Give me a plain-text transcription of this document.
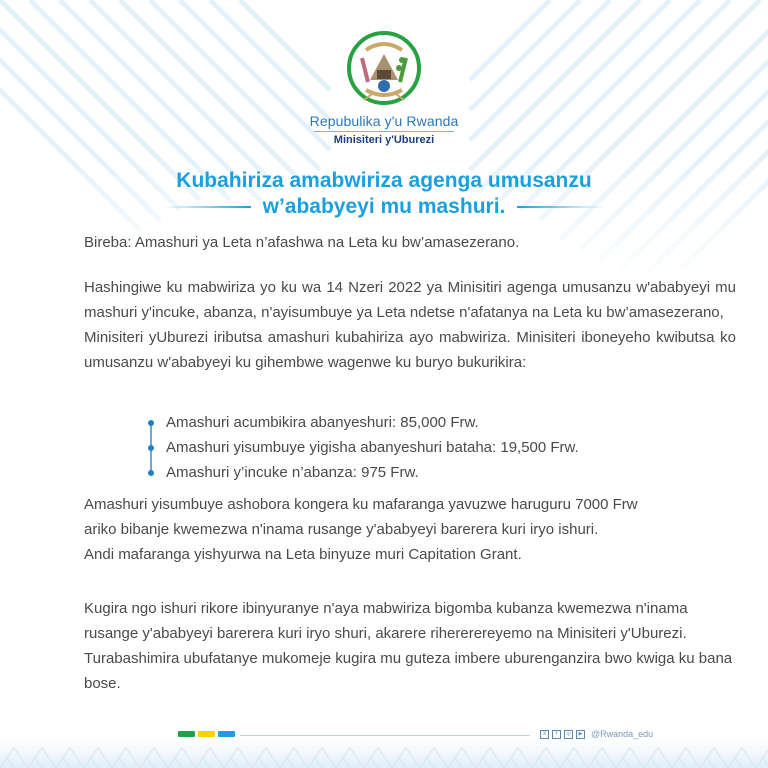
Repubulika y'u Rwanda
Minisiteri y'Uburezi
Kubahiriza amabwiriza agenga umusanzu
w’ababyeyi mu mashuri.
Bireba: Amashuri ya Leta n’afashwa na Leta ku bw’amasezerano.
Hashingiwe ku mabwiriza yo ku wa 14 Nzeri 2022 ya Minisitiri agenga umusanzu w'ababyeyi mu mashuri y'incuke, abanza, n'ayisumbuye ya Leta ndetse n'afatanya na Leta ku bw’amasezerano,
Minisiteri yUburezi iributsa amashuri kubahiriza ayo mabwiriza. Minisiteri iboneyeho kwibutsa ko umusanzu w'ababyeyi ku gihembwe wagenwe ku buryo bukurikira:
Amashuri acumbikira abanyeshuri: 85,000 Frw.
Amashuri yisumbuye yigisha abanyeshuri bataha: 19,500 Frw.
Amashuri y’incuke n’abanza: 975 Frw.
Amashuri yisumbuye ashobora kongera ku mafaranga yavuzwe haruguru 7000 Frw
ariko bibanje kwemezwa n'inama rusange y'ababyeyi barerera kuri iryo ishuri.
Andi mafaranga yishyurwa na Leta binyuze muri Capitation Grant.
Kugira ngo ishuri rikore ibinyuranye n'aya mabwiriza bigomba kubanza kwemezwa n'inama rusange y'ababyeyi barerera kuri iryo shuri, akarere rihererereyemo na Minisiteri y'Uburezi.
Turabashimira ubufatanye mukomeje kugira mu guteza imbere uburenganzira bwo kwiga ku bana bose.
X	f	◎	▶ @Rwanda_edu
